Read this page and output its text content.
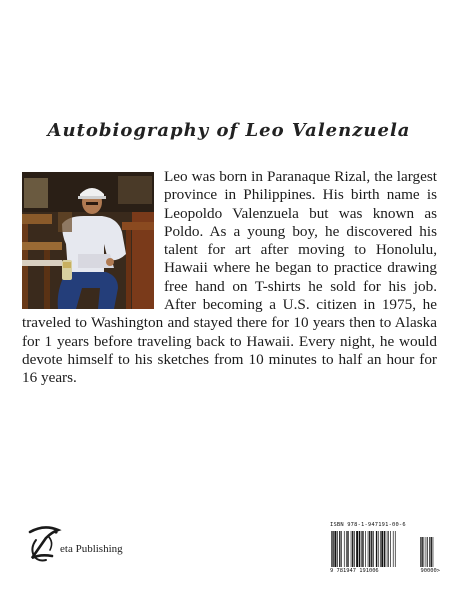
Autobiography of Leo Valenzuela
Leo was born in Paranaque Rizal, the largest province in Philippines. His birth name is Leopoldo Valenzuela but was known as Poldo. As a young boy, he discovered his talent for art after moving to Honolulu, Hawaii where he began to practice drawing free hand on T-shirts he sold for his job. After becoming a U.S. citizen in 1975, he traveled to Washington and stayed there for 10 years then to Alaska for 1 years before traveling back to Hawaii. Every night, he would devote himself to his sketches from 10 minutes to half an hour for 16 years.
eta Publishing
ISBN 978-1-947191-00-6
9 781947 191006	90000>
